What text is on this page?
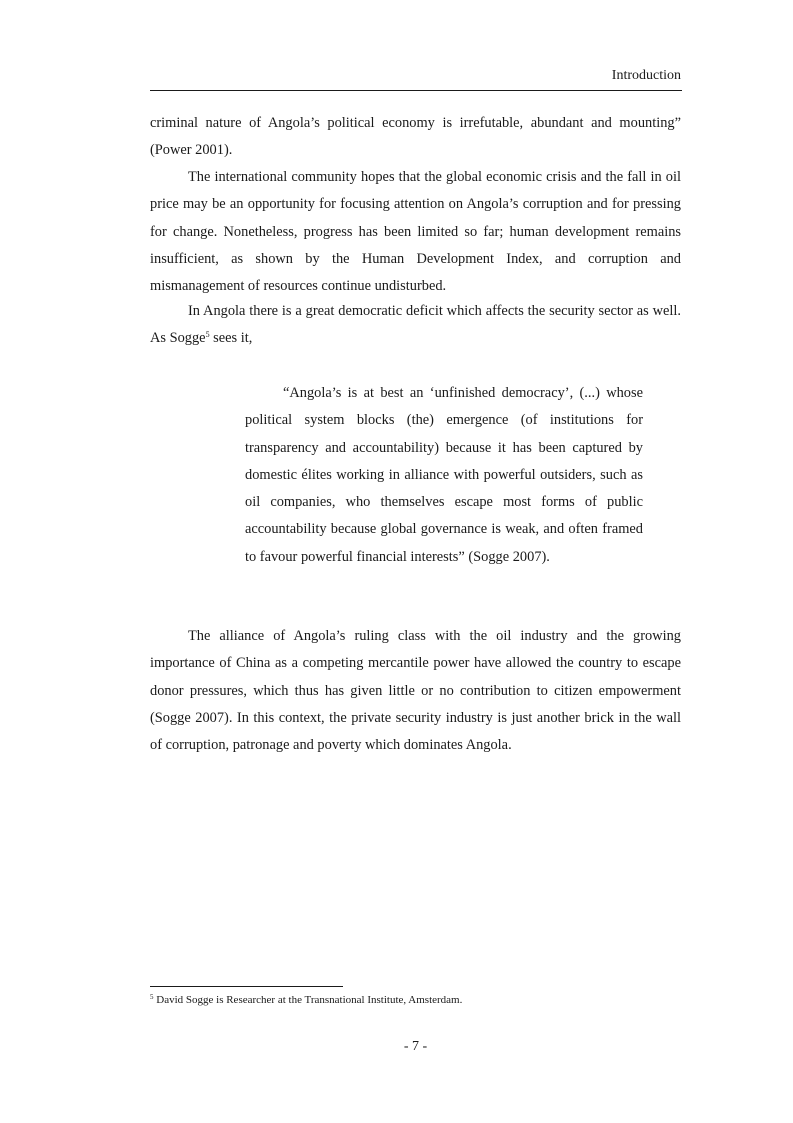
Introduction

criminal nature of Angola’s political economy is irrefutable, abundant and mounting” (Power 2001).

The international community hopes that the global economic crisis and the fall in oil price may be an opportunity for focusing attention on Angola’s corruption and for pressing for change. Nonetheless, progress has been limited so far; human development remains insufficient, as shown by the Human Development Index, and corruption and mismanagement of resources continue undisturbed.

In Angola there is a great democratic deficit which affects the security sector as well. As Sogge$^5$ sees it,

“Angola’s is at best an ‘unfinished democracy’, (...) whose political system blocks (the) emergence (of institutions for transparency and accountability) because it has been captured by domestic élites working in alliance with powerful outsiders, such as oil companies, who themselves escape most forms of public accountability because global governance is weak, and often framed to favour powerful financial interests” (Sogge 2007).

The alliance of Angola’s ruling class with the oil industry and the growing importance of China as a competing mercantile power have allowed the country to escape donor pressures, which thus has given little or no contribution to citizen empowerment (Sogge 2007). In this context, the private security industry is just another brick in the wall of corruption, patronage and poverty which dominates Angola.

$^5$ David Sogge is Researcher at the Transnational Institute, Amsterdam.
- 7 -
